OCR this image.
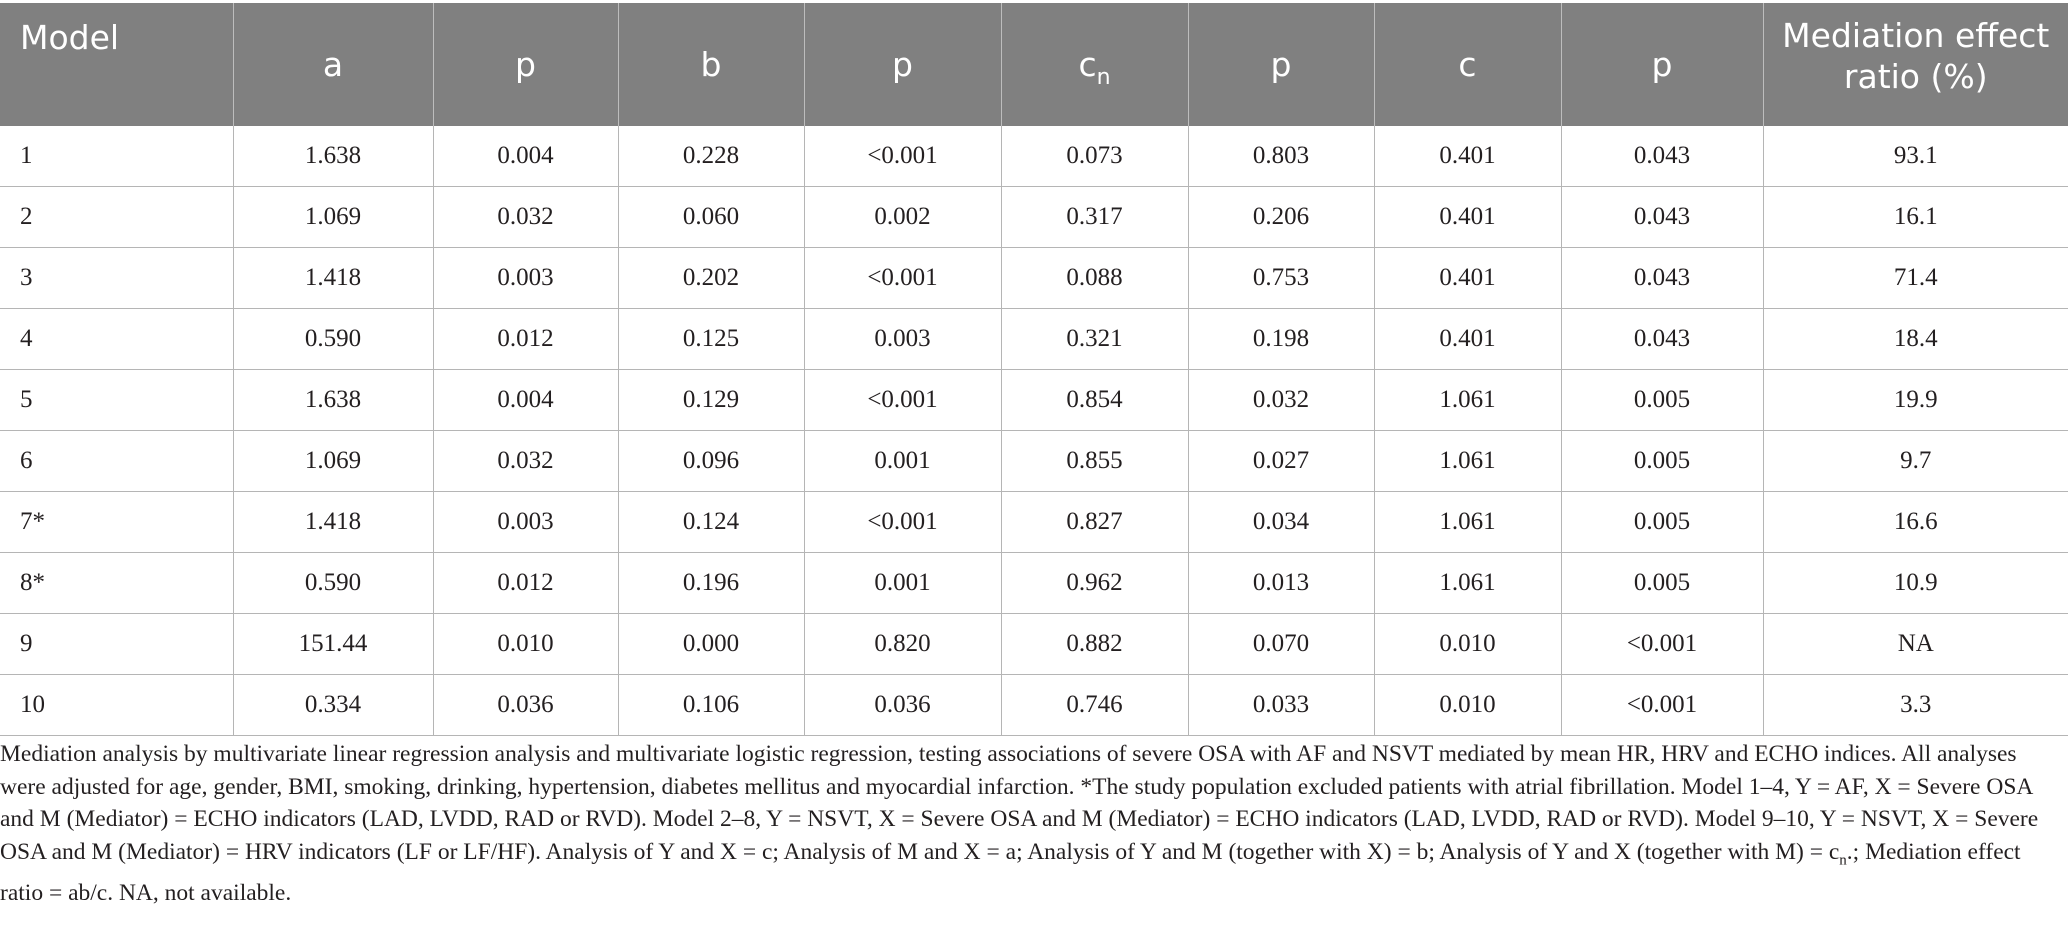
Model	a	p	b	p	$c_n$	p	c	p	Mediation effect ratio (%)
1	1.638	0.004	0.228	<0.001	0.073	0.803	0.401	0.043	93.1
2	1.069	0.032	0.060	0.002	0.317	0.206	0.401	0.043	16.1
3	1.418	0.003	0.202	<0.001	0.088	0.753	0.401	0.043	71.4
4	0.590	0.012	0.125	0.003	0.321	0.198	0.401	0.043	18.4
5	1.638	0.004	0.129	<0.001	0.854	0.032	1.061	0.005	19.9
6	1.069	0.032	0.096	0.001	0.855	0.027	1.061	0.005	9.7
7*	1.418	0.003	0.124	<0.001	0.827	0.034	1.061	0.005	16.6
8*	0.590	0.012	0.196	0.001	0.962	0.013	1.061	0.005	10.9
9	151.44	0.010	0.000	0.820	0.882	0.070	0.010	<0.001	NA
10	0.334	0.036	0.106	0.036	0.746	0.033	0.010	<0.001	3.3
Mediation analysis by multivariate linear regression analysis and multivariate logistic regression, testing associations of severe OSA with AF and NSVT mediated by mean HR, HRV and ECHO indices. All analyses were adjusted for age, gender, BMI, smoking, drinking, hypertension, diabetes mellitus and myocardial infarction. *The study population excluded patients with atrial fibrillation. Model 1–4, Y = AF, X = Severe OSA and M (Mediator) = ECHO indicators (LAD, LVDD, RAD or RVD). Model 2–8, Y = NSVT, X = Severe OSA and M (Mediator) = ECHO indicators (LAD, LVDD, RAD or RVD). Model 9–10, Y = NSVT, X = Severe OSA and M (Mediator) = HRV indicators (LF or LF/HF). Analysis of Y and X = c; Analysis of M and X = a; Analysis of Y and M (together with X) = b; Analysis of Y and X (together with $M) = c_n$.; Mediation effect ratio = ab/c. NA, not available.
